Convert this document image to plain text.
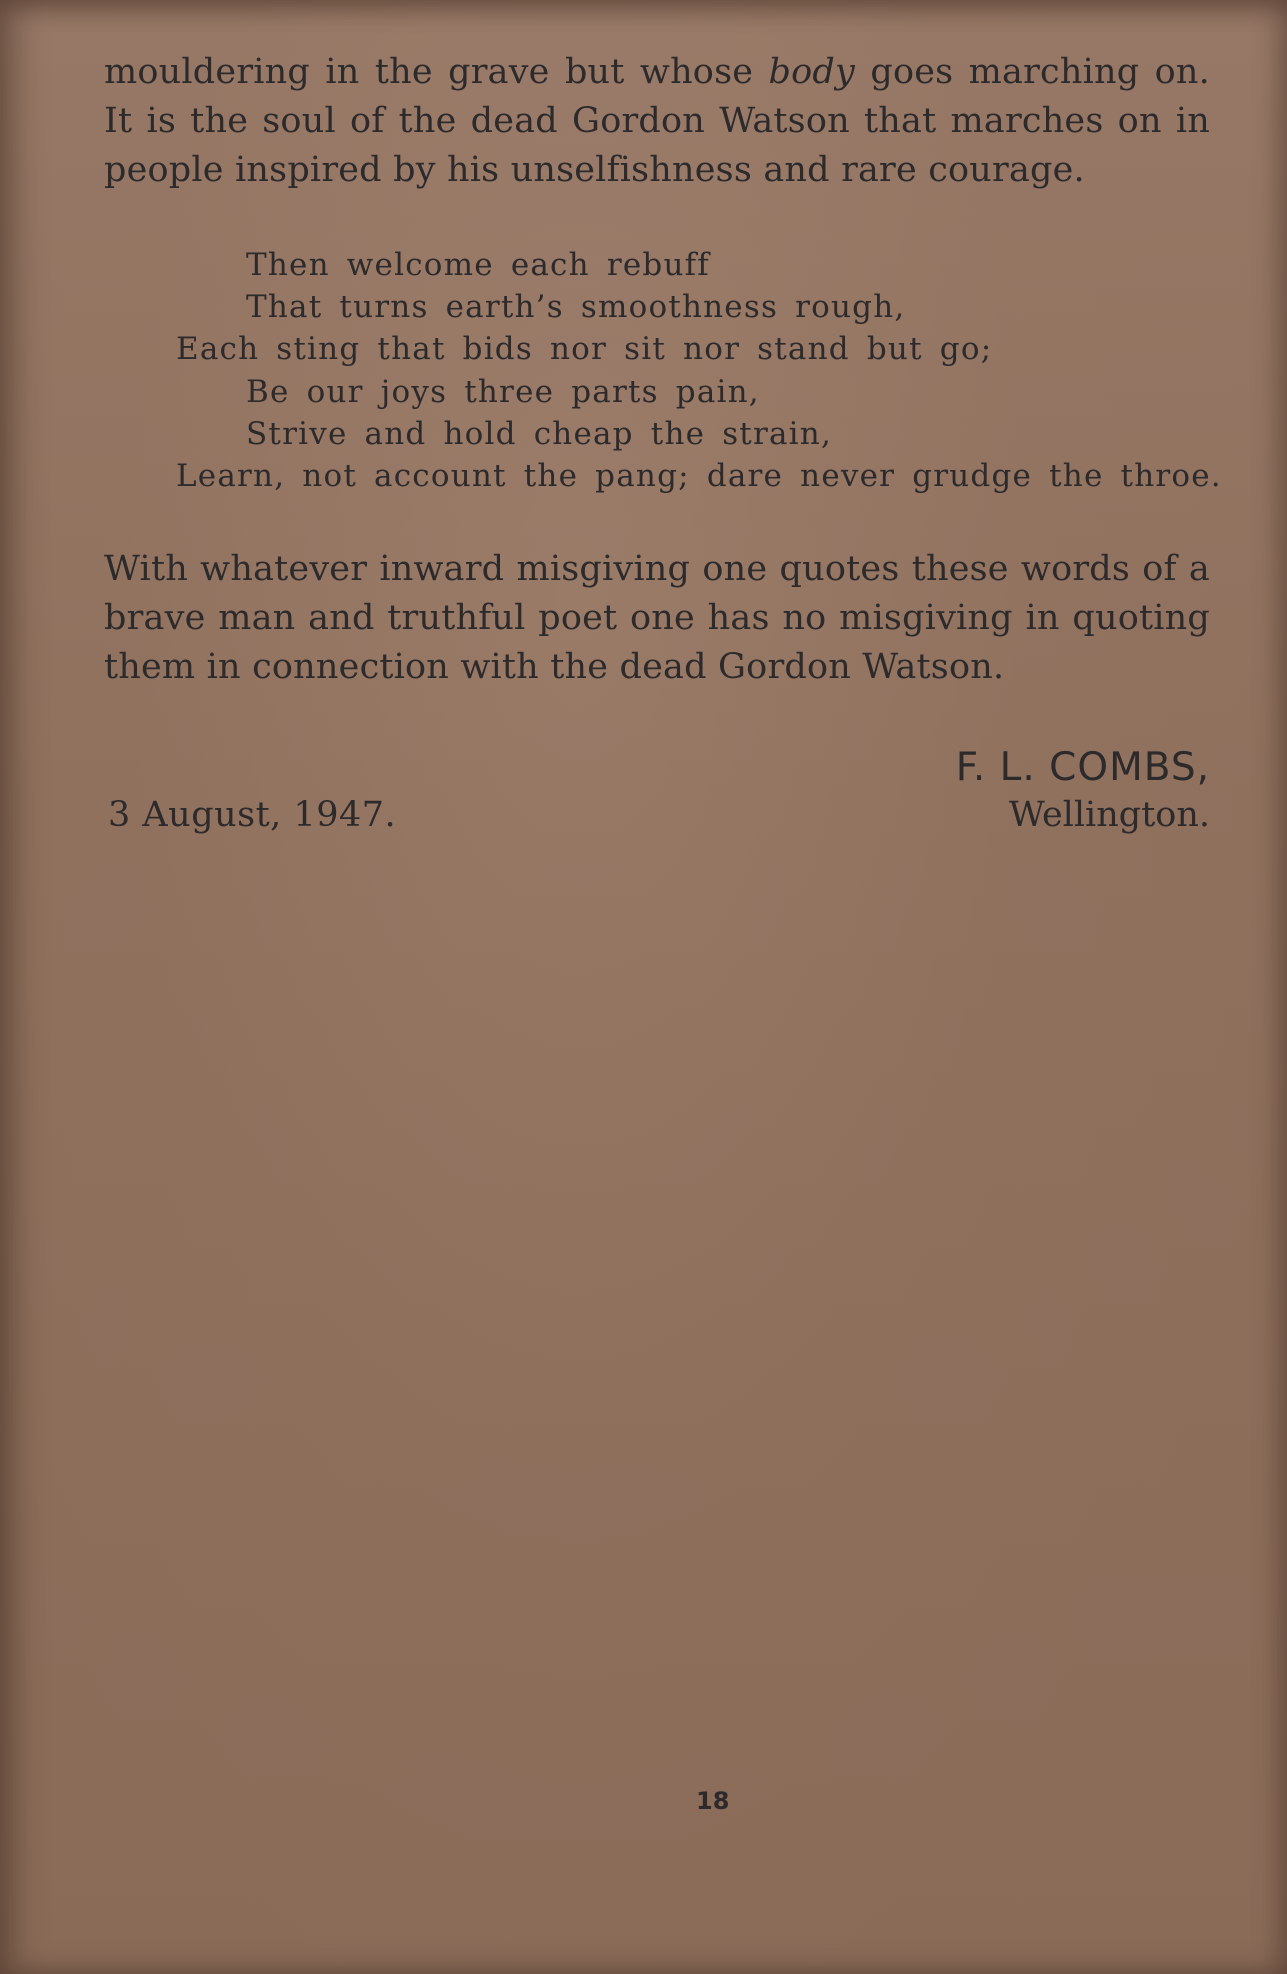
mouldering in the grave but whose body goes marching on. It is the soul of the dead Gordon Watson that marches on in people inspired by his unselfishness and rare courage.

Then welcome each rebuff
That turns earth’s smoothness rough,
Each sting that bids nor sit nor stand but go;
Be our joys three parts pain,
Strive and hold cheap the strain,
Learn, not account the pang; dare never grudge the throe.

With whatever inward misgiving one quotes these words of a brave man and truthful poet one has no misgiving in quoting them in connection with the dead Gordon Watson.

F. L. COMBS,
3 August, 1947.	Wellington.
18
